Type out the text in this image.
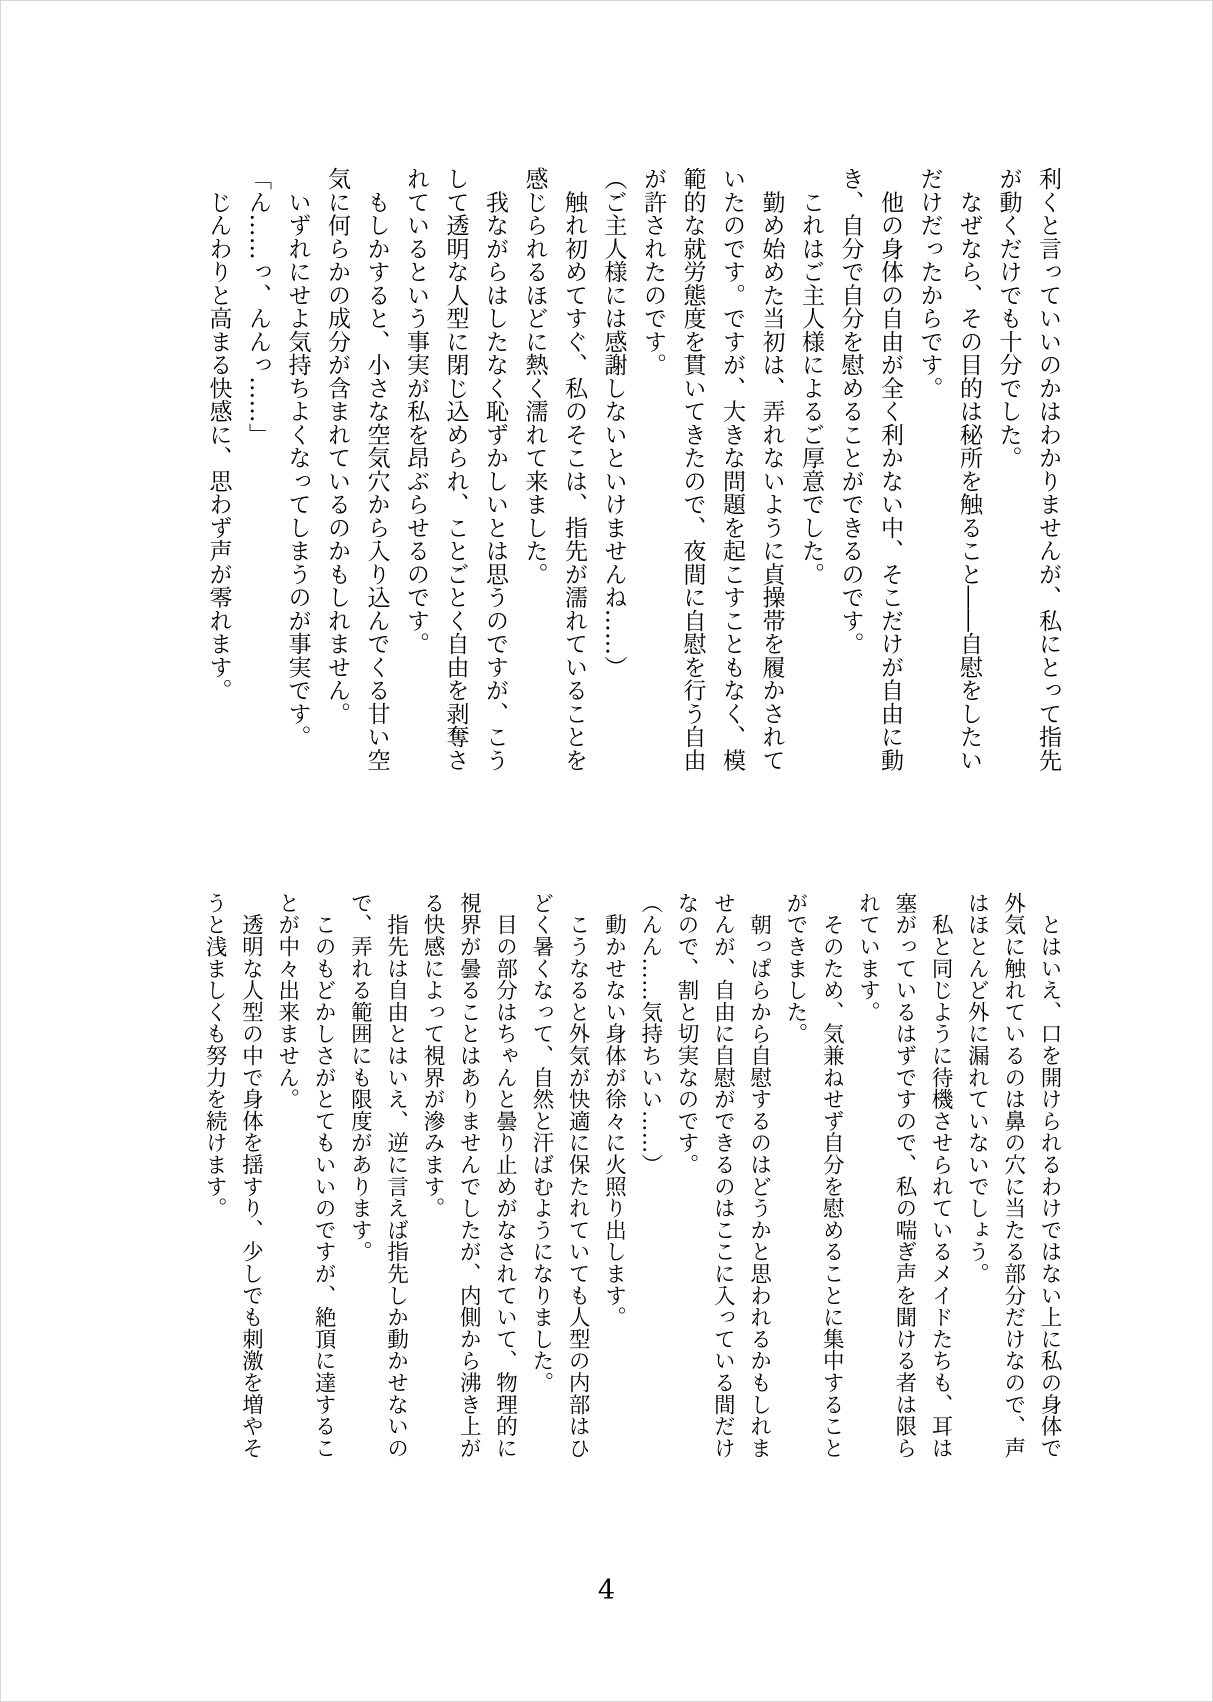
利くと言っていいのかはわかりませんが、私にとって指先

が動くだけでも十分でした。

　なぜなら、その目的は秘所を触ること――自慰をしたい

だけだったからです。

　他の身体の自由が全く利かない中、そこだけが自由に動

き、自分で自分を慰めることができるのです。

　これはご主人様によるご厚意でした。

　勤め始めた当初は、弄れないように貞操帯を履かされて

いたのです。ですが、大きな問題を起こすこともなく、模

範的な就労態度を貫いてきたので、夜間に自慰を行う自由

が許されたのです。

（ご主人様には感謝しないといけませんね……）

　触れ初めてすぐ、私のそこは、指先が濡れていることを

感じられるほどに熱く濡れて来ました。

　我ながらはしたなく恥ずかしいとは思うのですが、こう

して透明な人型に閉じ込められ、ことごとく自由を剥奪さ

れているという事実が私を昂ぶらせるのです。

　もしかすると、小さな空気穴から入り込んでくる甘い空

気に何らかの成分が含まれているのかもしれません。

　いずれにせよ気持ちよくなってしまうのが事実です。

「ん……っ、んんっ……」

　じんわりと高まる快感に、思わず声が零れます。

　とはいえ、口を開けられるわけではない上に私の身体で

外気に触れているのは鼻の穴に当たる部分だけなので、声

はほとんど外に漏れていないでしょう。

　私と同じように待機させられているメイドたちも、耳は

塞がっているはずですので、私の喘ぎ声を聞ける者は限ら

れています。

　そのため、気兼ねせず自分を慰めることに集中すること

ができました。

　朝っぱらから自慰するのはどうかと思われるかもしれま

せんが、自由に自慰ができるのはここに入っている間だけ

なので、割と切実なのです。

（んん……気持ちいい……）

　動かせない身体が徐々に火照り出します。

　こうなると外気が快適に保たれていても人型の内部はひ

どく暑くなって、自然と汗ばむようになりました。

　目の部分はちゃんと曇り止めがなされていて、物理的に

視界が曇ることはありませんでしたが、内側から沸き上が

る快感によって視界が滲みます。

　指先は自由とはいえ、逆に言えば指先しか動かせないの

で、弄れる範囲にも限度があります。

　このもどかしさがとてもいいのですが、絶頂に達するこ

とが中々出来ません。

　透明な人型の中で身体を揺すり、少しでも刺激を増やそ

うと浅ましくも努力を続けます。

4
